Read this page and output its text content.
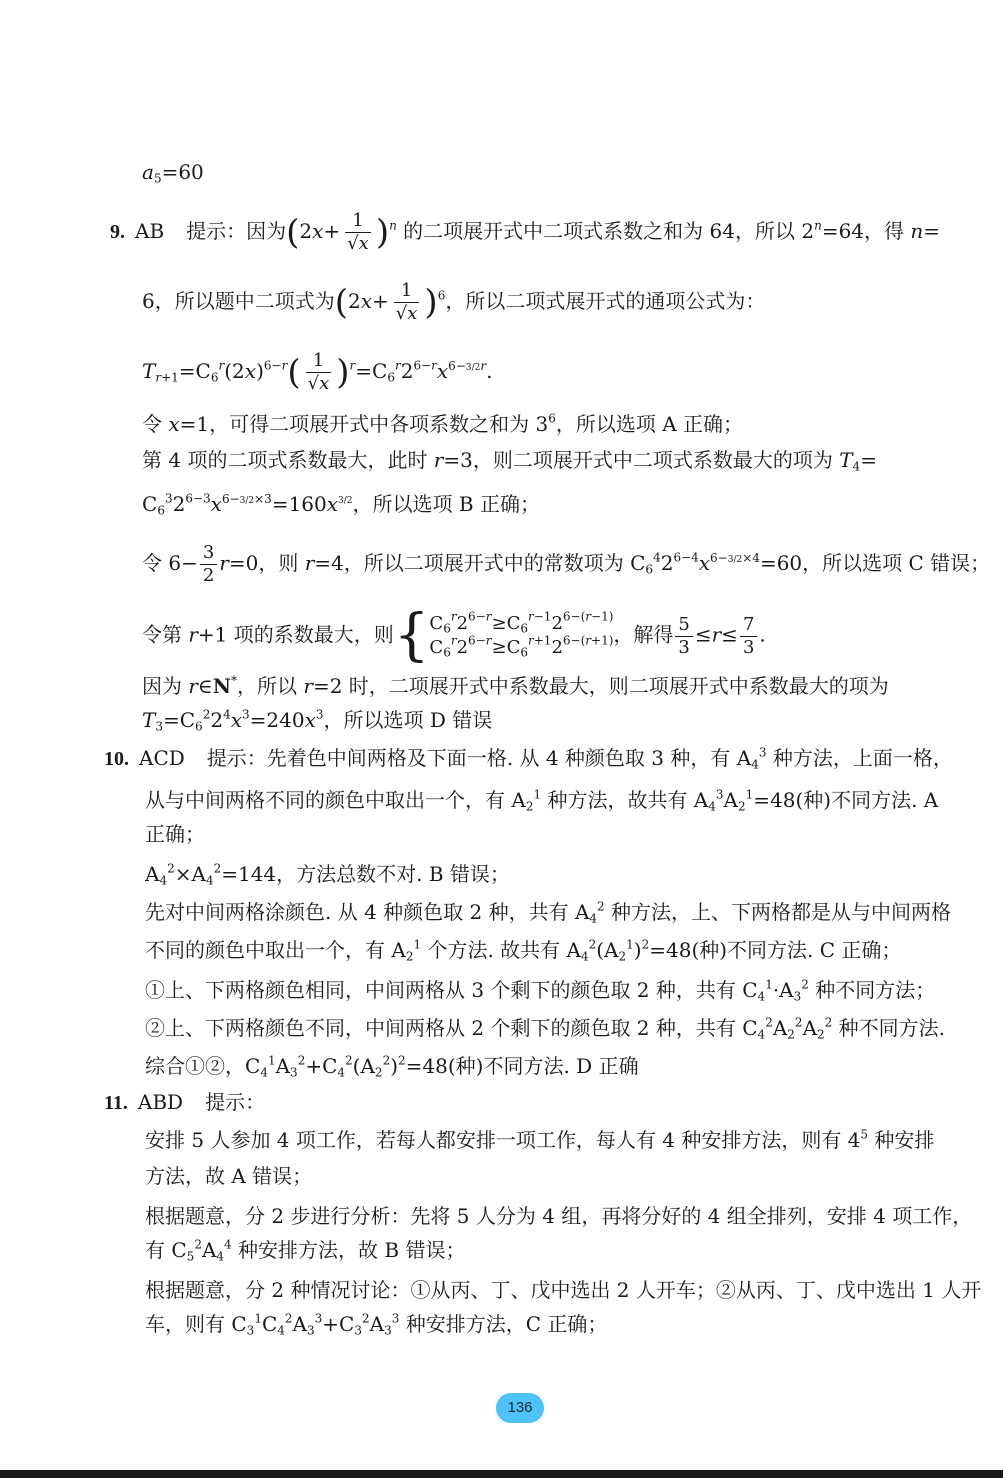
$a_5=60$
9. AB 提示：因为$(2x+ \frac{1}{√x} )^n$ 的二项展开式中二项式系数之和为 64，所以 $2^n=64$，得 n=
6，所以题中二项式为$(2x+ \frac{1}{√x} )^6$，所以二项式展开式的通项公式为：
$T_{r+1}=C_6^r(2x)^{6-r}( \frac{1}{√x} )^r=C_6^r2^{6-r}x^{6-3/2r}$.
令 x=1，可得二项展开式中各项系数之和为 $3^6$，所以选项 A 正确；
第 4 项的二项式系数最大，此时 r=3，则二项展开式中二项式系数最大的项为 $T_4=$
$C_6^32^{6-3}x^{6-3/2\times 3}=160x^{3/2}$，所以选项 B 正确；
令 $6- \frac{3}{2} r=0$，则 r=4，所以二项展开式中的常数项为 $C_6^42^{6-4}x^{6-3/2\times 4}=60$，所以选项 C 错误；
令第 r+1 项的系数最大，则{ $C_6^r2^{6-r}\ge C_6^{r-1}2^{6-(r-1)}$
$C_6^r2^{6-r}\ge C_6^{r+1}2^{6-(r+1)}$ ，解得 $\frac{5}{3} \le r\le \frac{7}{3}$ .
因为 r∈N*，所以 r=2 时，二项展开式中系数最大，则二项展开式中系数最大的项为
$T_3=C_6^22^4x^3=240x^3$，所以选项 D 错误
10. ACD 提示：先着色中间两格及下面一格. 从 4 种颜色取 3 种，有 $A_4^3$ 种方法，上面一格，
从与中间两格不同的颜色中取出一个，有 $A_2^1$ 种方法，故共有 $A_4^3A_2^1=48$(种)不同方法. A
正确；
$A_4^2\times A_4^2=144$，方法总数不对. B 错误；
先对中间两格涂颜色. 从 4 种颜色取 2 种，共有 $A_4^2$ 种方法，上、下两格都是从与中间两格
不同的颜色中取出一个，有 $A_2^1$ 个方法. 故共有 $A_4^2(A_2^1)^2=48$(种)不同方法. C 正确；
①上、下两格颜色相同，中间两格从 3 个剩下的颜色取 2 种，共有 $C_4^1\cdot A_3^2$ 种不同方法；
②上、下两格颜色不同，中间两格从 2 个剩下的颜色取 2 种，共有 $C_4^2A_2^2A_2^2$ 种不同方法.
综合①②，$C_4^1A_3^2+C_4^2(A_2^2)^2=48$(种)不同方法. D 正确
11. ABD 提示：
安排 5 人参加 4 项工作，若每人都安排一项工作，每人有 4 种安排方法，则有 $4^5$ 种安排
方法，故 A 错误；
根据题意，分 2 步进行分析：先将 5 人分为 4 组，再将分好的 4 组全排列，安排 4 项工作，
有 $C_5^2A_4^4$ 种安排方法，故 B 错误；
根据题意，分 2 种情况讨论：①从丙、丁、戊中选出 2 人开车；②从丙、丁、戊中选出 1 人开
车，则有 $C_3^1C_4^2A_3^3+C_3^2A_3^3$ 种安排方法，C 正确；
136
